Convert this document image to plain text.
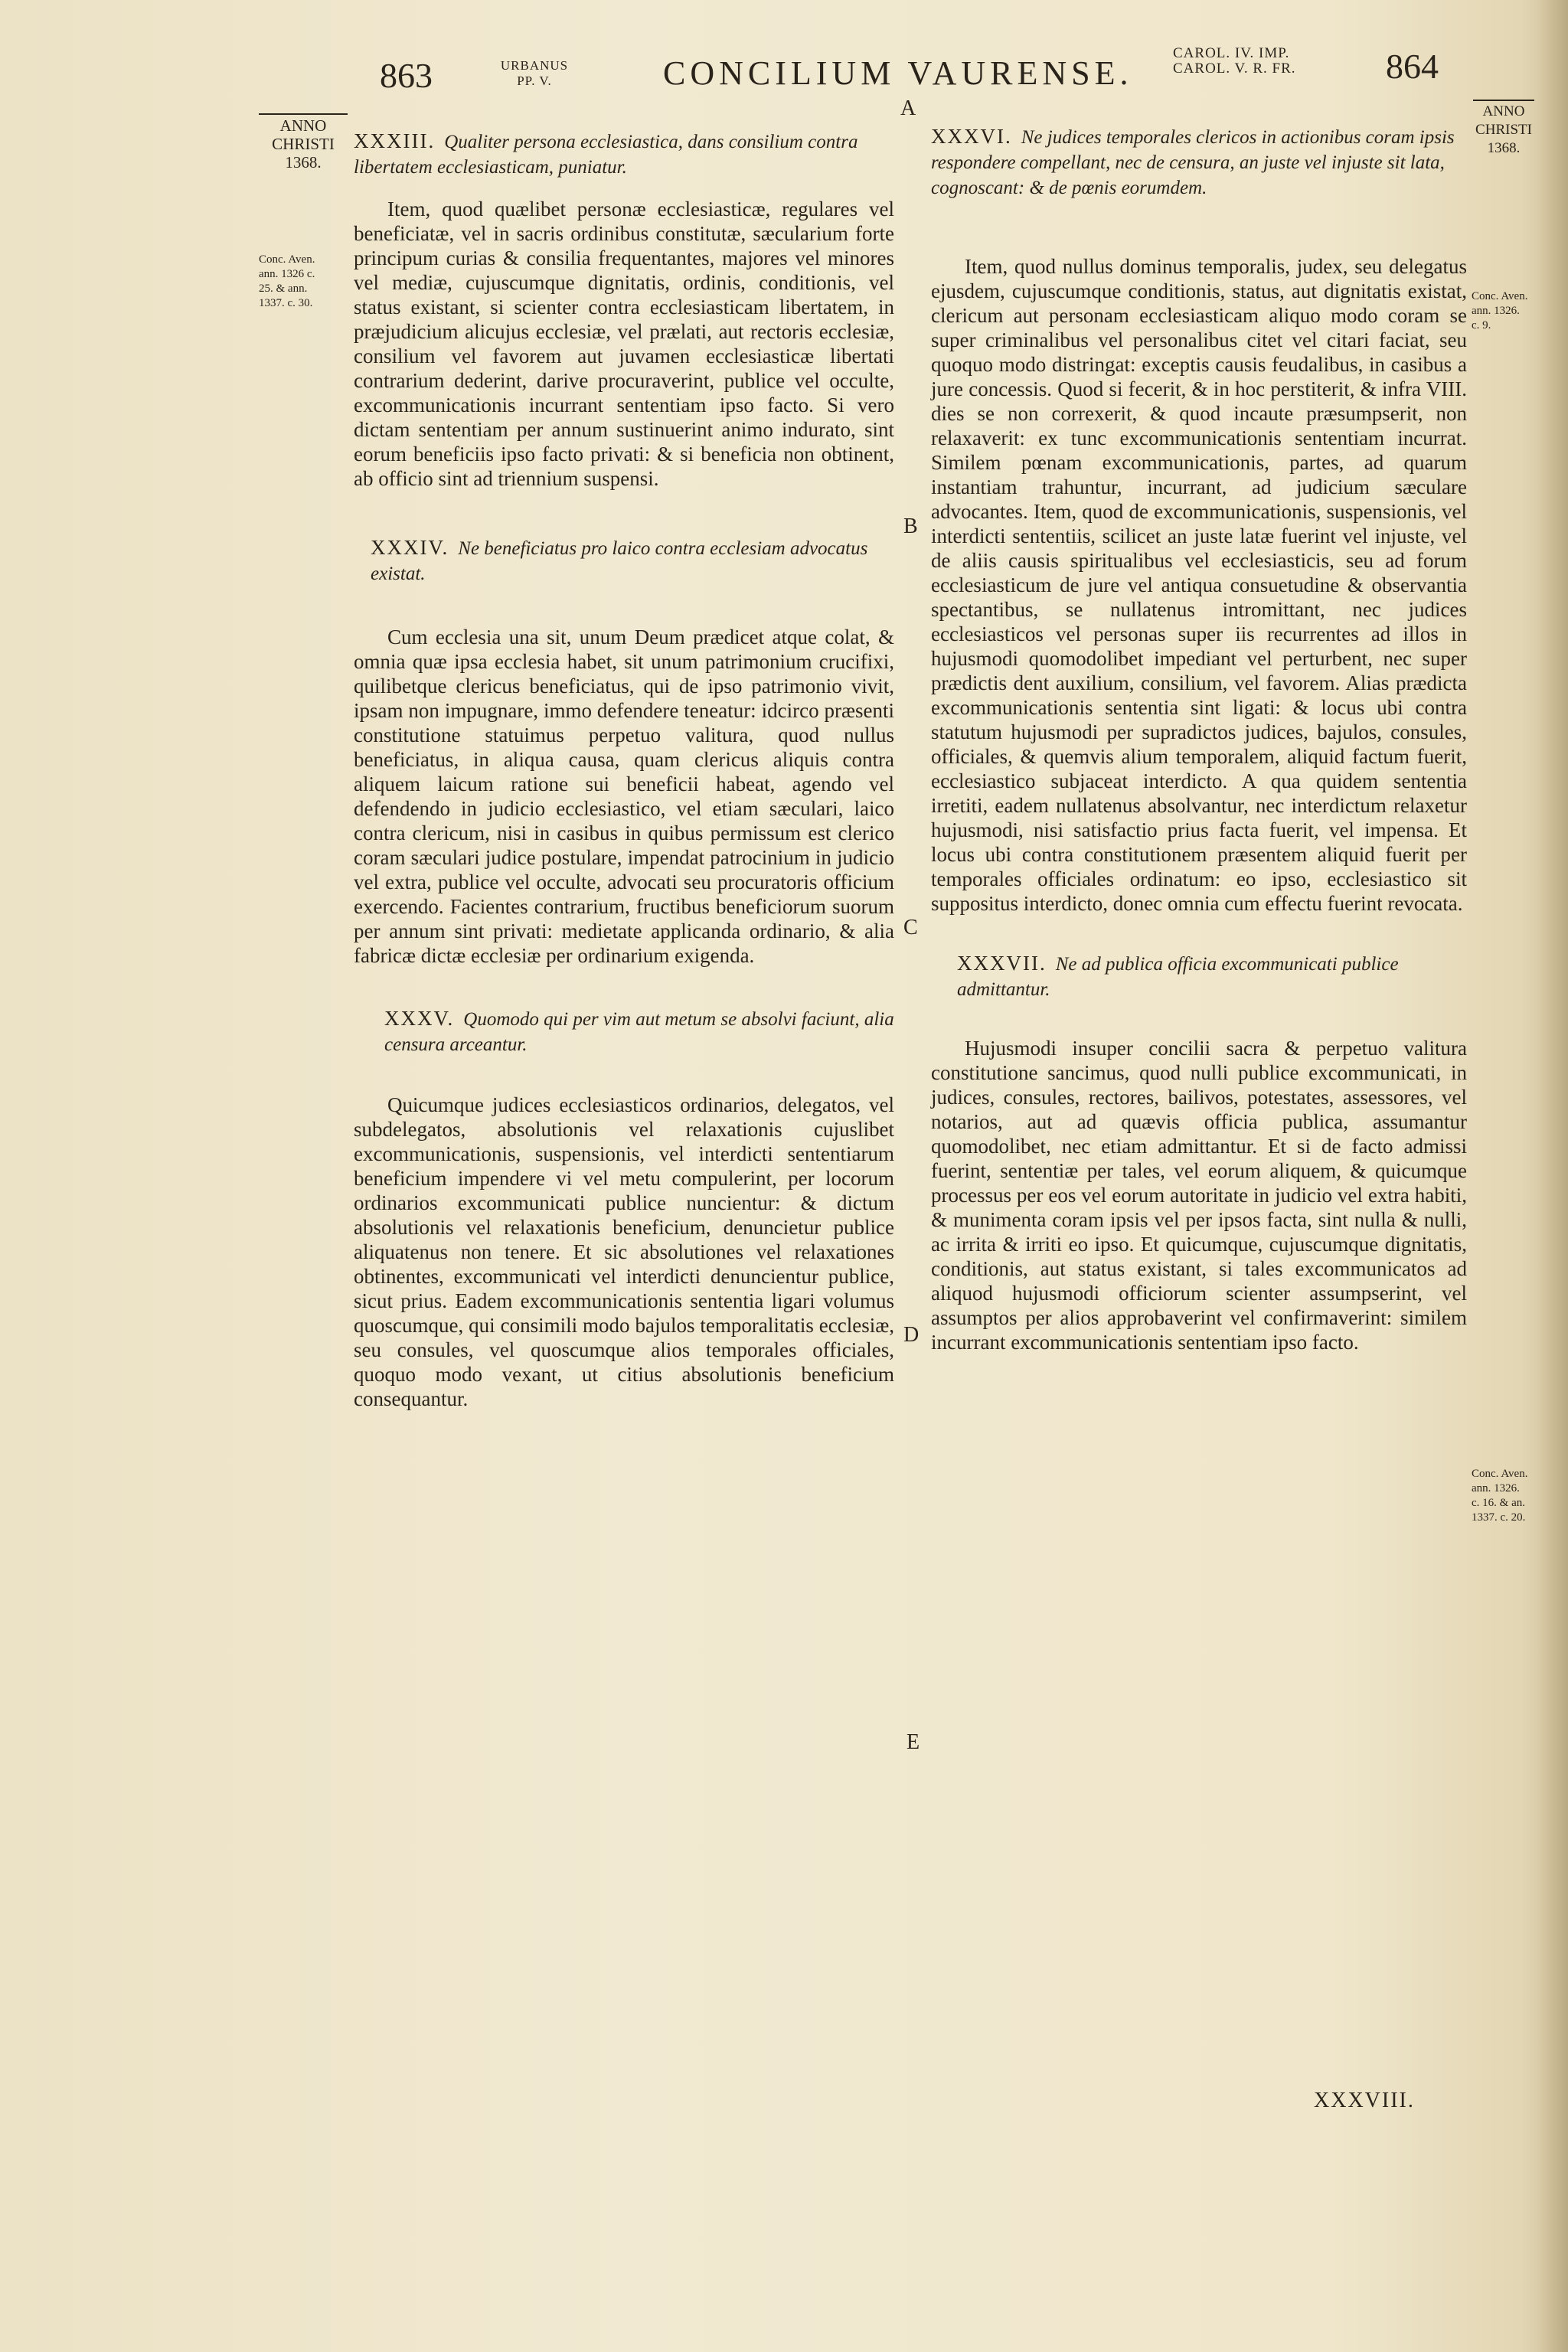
863	URBANUS
PP. V.	CONCILIUM VAURENSE.
CAROL. IV. IMP.
CAROL. V. R. FR.	864
ANNO
CHRISTI
1368.
ANNO
CHRISTI
1368.
Conc. Aven.
ann. 1326 c.
25. & ann.
1337. c. 30.
Conc. Aven.
ann. 1326.
c. 9.
Conc. Aven.
ann. 1326.
c. 16. & an.
1337. c. 20.
A
B
C
D
E
XXXIII. Qualiter persona ecclesiastica, dans consilium contra libertatem ecclesiasticam, puniatur.

Item, quod quælibet personæ ecclesiasticæ, regulares vel beneficiatæ, vel in sacris ordinibus constitutæ, sæcularium forte principum curias & consilia frequentantes, majores vel minores vel mediæ, cujuscumque dignitatis, ordinis, conditionis, vel status existant, si scienter contra ecclesiasticam libertatem, in præjudicium alicujus ecclesiæ, vel prælati, aut rectoris ecclesiæ, consilium vel favorem aut juvamen ecclesiasticæ libertati contrarium dederint, darive procuraverint, publice vel occulte, excommunicationis incurrant sententiam ipso facto. Si vero dictam sententiam per annum sustinuerint animo indurato, sint eorum beneficiis ipso facto privati: & si beneficia non obtinent, ab officio sint ad triennium suspensi.

XXXIV. Ne beneficiatus pro laico contra ecclesiam advocatus existat.

Cum ecclesia una sit, unum Deum prædicet atque colat, & omnia quæ ipsa ecclesia habet, sit unum patrimonium crucifixi, quilibetque clericus beneficiatus, qui de ipso patrimonio vivit, ipsam non impugnare, immo defendere teneatur: idcirco præsenti constitutione statuimus perpetuo valitura, quod nullus beneficiatus, in aliqua causa, quam clericus aliquis contra aliquem laicum ratione sui beneficii habeat, agendo vel defendendo in judicio ecclesiastico, vel etiam sæculari, laico contra clericum, nisi in casibus in quibus permissum est clerico coram sæculari judice postulare, impendat patrocinium in judicio vel extra, publice vel occulte, advocati seu procuratoris officium exercendo. Facientes contrarium, fructibus beneficiorum suorum per annum sint privati: medietate applicanda ordinario, & alia fabricæ dictæ ecclesiæ per ordinarium exigenda.

XXXV. Quomodo qui per vim aut metum se absolvi faciunt, alia censura arceantur.

Quicumque judices ecclesiasticos ordinarios, delegatos, vel subdelegatos, absolutionis vel relaxationis cujuslibet excommunicationis, suspensionis, vel interdicti sententiarum beneficium impendere vi vel metu compulerint, per locorum ordinarios excommunicati publice nuncientur: & dictum absolutionis vel relaxationis beneficium, denuncietur publice aliquatenus non tenere. Et sic absolutiones vel relaxationes obtinentes, excommunicati vel interdicti denuncientur publice, sicut prius. Eadem excommunicationis sententia ligari volumus quoscumque, qui consimili modo bajulos temporalitatis ecclesiæ, seu consules, vel quoscumque alios temporales officiales, quoquo modo vexant, ut citius absolutionis beneficium consequantur.

XXXVI. Ne judices temporales clericos in actionibus coram ipsis respondere compellant, nec de censura, an juste vel injuste sit lata, cognoscant: & de pœnis eorumdem.

Item, quod nullus dominus temporalis, judex, seu delegatus ejusdem, cujuscumque conditionis, status, aut dignitatis existat, clericum aut personam ecclesiasticam aliquo modo coram se super criminalibus vel personalibus citet vel citari faciat, seu quoquo modo distringat: exceptis causis feudalibus, in casibus a jure concessis. Quod si fecerit, & in hoc perstiterit, & infra VIII. dies se non correxerit, & quod incaute præsumpserit, non relaxaverit: ex tunc excommunicationis sententiam incurrat. Similem pœnam excommunicationis, partes, ad quarum instantiam trahuntur, incurrant, ad judicium sæculare advocantes. Item, quod de excommunicationis, suspensionis, vel interdicti sententiis, scilicet an juste latæ fuerint vel injuste, vel de aliis causis spiritualibus vel ecclesiasticis, seu ad forum ecclesiasticum de jure vel antiqua consuetudine & observantia spectantibus, se nullatenus intromittant, nec judices ecclesiasticos vel personas super iis recurrentes ad illos in hujusmodi quomodolibet impediant vel perturbent, nec super prædictis dent auxilium, consilium, vel favorem. Alias prædicta excommunicationis sententia sint ligati: & locus ubi contra statutum hujusmodi per supradictos judices, bajulos, consules, officiales, & quemvis alium temporalem, aliquid factum fuerit, ecclesiastico subjaceat interdicto. A qua quidem sententia irretiti, eadem nullatenus absolvantur, nec interdictum relaxetur hujusmodi, nisi satisfactio prius facta fuerit, vel impensa. Et locus ubi contra constitutionem præsentem aliquid fuerit per temporales officiales ordinatum: eo ipso, ecclesiastico sit suppositus interdicto, donec omnia cum effectu fuerint revocata.

XXXVII. Ne ad publica officia excommunicati publice admittantur.

Hujusmodi insuper concilii sacra & perpetuo valitura constitutione sancimus, quod nulli publice excommunicati, in judices, consules, rectores, bailivos, potestates, assessores, vel notarios, aut ad quævis officia publica, assumantur quomodolibet, nec etiam admittantur. Et si de facto admissi fuerint, sententiæ per tales, vel eorum aliquem, & quicumque processus per eos vel eorum autoritate in judicio vel extra habiti, & munimenta coram ipsis vel per ipsos facta, sint nulla & nulli, ac irrita & irriti eo ipso. Et quicumque, cujuscumque dignitatis, conditionis, aut status existant, si tales excommunicatos ad aliquod hujusmodi officiorum scienter assumpserint, vel assumptos per alios approbaverint vel confirmaverint: similem incurrant excommunicationis sententiam ipso facto.

XXXVIII.
